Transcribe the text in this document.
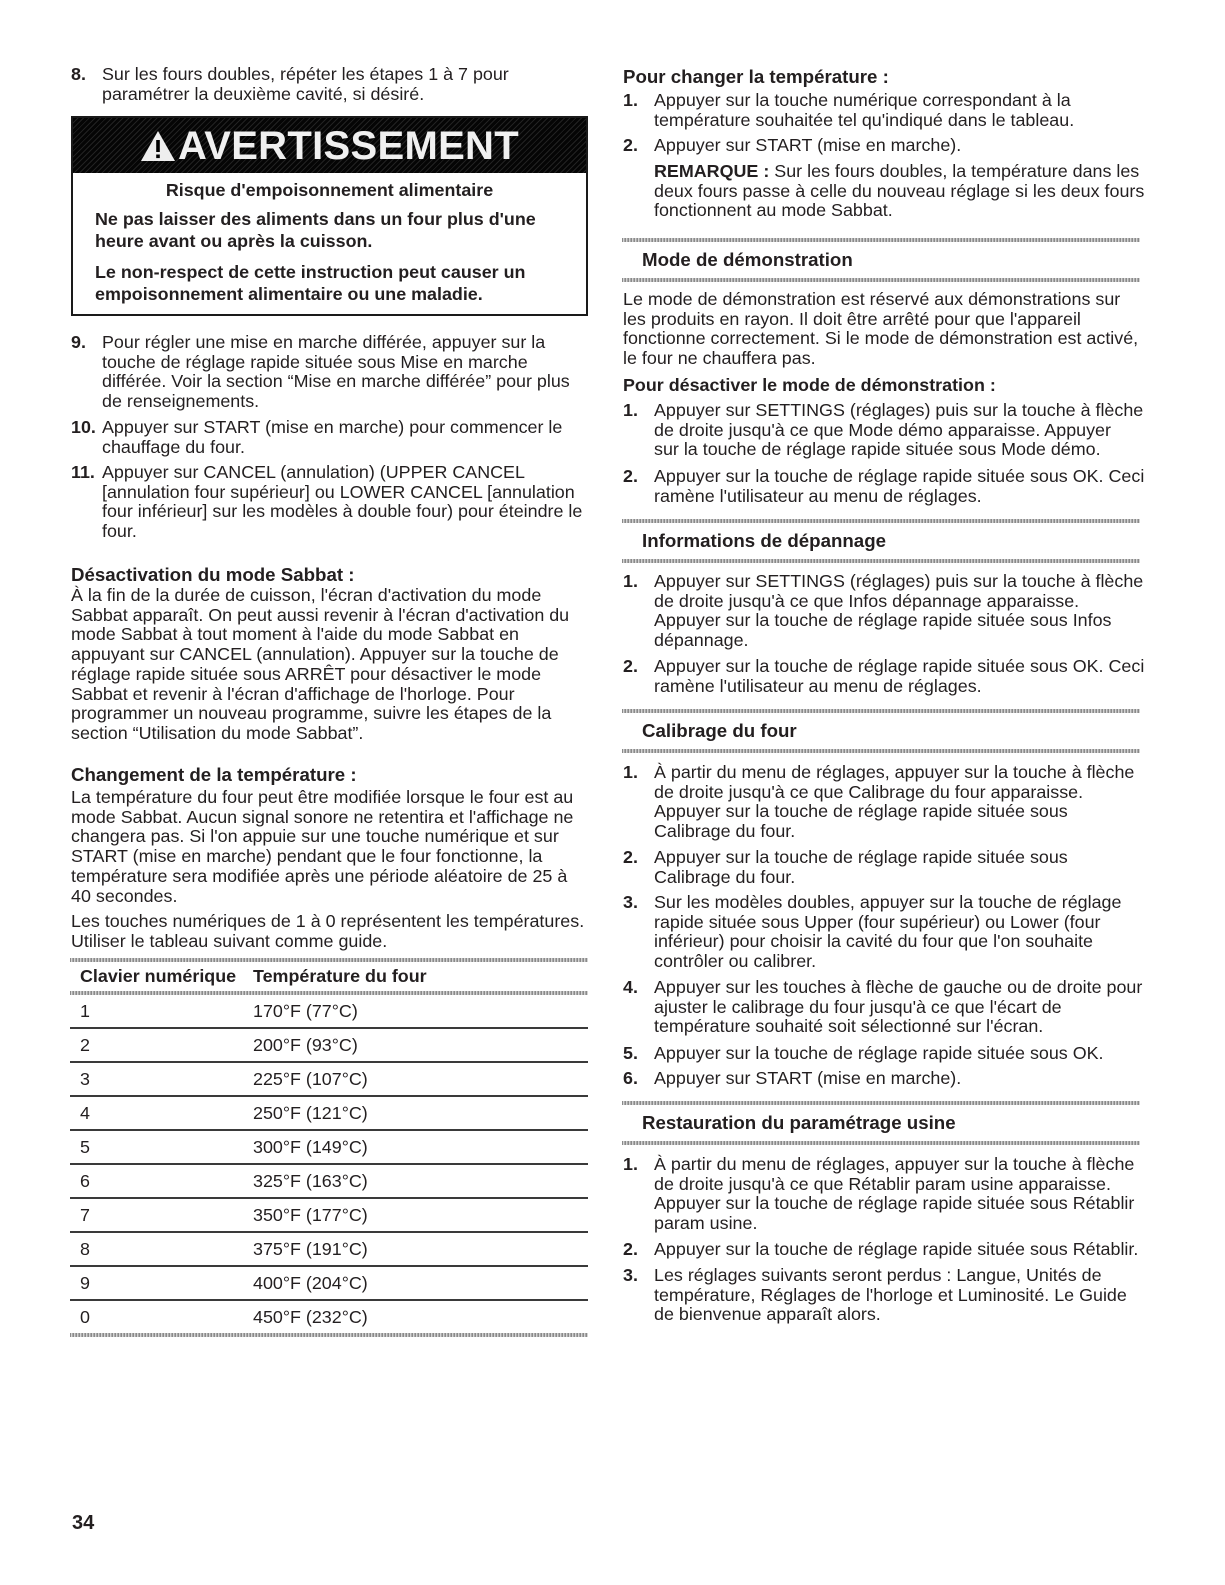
8. Sur les fours doubles, répéter les étapes 1 à 7 pour
paramétrer la deuxième cavité, si désiré.
AVERTISSEMENT
Risque d'empoisonnement alimentaire
Ne pas laisser des aliments dans un four plus d'une
heure avant ou après la cuisson.
Le non-respect de cette instruction peut causer un
empoisonnement alimentaire ou une maladie.
9. Pour régler une mise en marche différée, appuyer sur la
touche de réglage rapide située sous Mise en marche
différée. Voir la section “Mise en marche différée” pour plus
de renseignements.
10. Appuyer sur START (mise en marche) pour commencer le
chauffage du four.
11. Appuyer sur CANCEL (annulation) (UPPER CANCEL
[annulation four supérieur] ou LOWER CANCEL [annulation
four inférieur] sur les modèles à double four) pour éteindre le
four.
Désactivation du mode Sabbat :
À la fin de la durée de cuisson, l'écran d'activation du mode
Sabbat apparaît. On peut aussi revenir à l'écran d'activation du
mode Sabbat à tout moment à l'aide du mode Sabbat en
appuyant sur CANCEL (annulation). Appuyer sur la touche de
réglage rapide située sous ARRÊT pour désactiver le mode
Sabbat et revenir à l'écran d'affichage de l'horloge. Pour
programmer un nouveau programme, suivre les étapes de la
section “Utilisation du mode Sabbat”.
Changement de la température :
La température du four peut être modifiée lorsque le four est au
mode Sabbat. Aucun signal sonore ne retentira et l'affichage ne
changera pas. Si l'on appuie sur une touche numérique et sur
START (mise en marche) pendant que le four fonctionne, la
température sera modifiée après une période aléatoire de 25 à
40 secondes.
Les touches numériques de 1 à 0 représentent les températures.
Utiliser le tableau suivant comme guide.
Clavier numérique Température du four
1	170°F (77°C)
2	200°F (93°C)
3	225°F (107°C)
4	250°F (121°C)
5	300°F (149°C)
6	325°F (163°C)
7	350°F (177°C)
8	375°F (191°C)
9	400°F (204°C)
0	450°F (232°C)
Pour changer la température :
1. Appuyer sur la touche numérique correspondant à la
température souhaitée tel qu'indiqué dans le tableau.
2. Appuyer sur START (mise en marche).
REMARQUE : Sur les fours doubles, la température dans les
deux fours passe à celle du nouveau réglage si les deux fours
fonctionnent au mode Sabbat.
Mode de démonstration
Le mode de démonstration est réservé aux démonstrations sur
les produits en rayon. Il doit être arrêté pour que l'appareil
fonctionne correctement. Si le mode de démonstration est activé,
le four ne chauffera pas.
Pour désactiver le mode de démonstration :
1. Appuyer sur SETTINGS (réglages) puis sur la touche à flèche
de droite jusqu'à ce que Mode démo apparaisse. Appuyer
sur la touche de réglage rapide située sous Mode démo.
2. Appuyer sur la touche de réglage rapide située sous OK. Ceci
ramène l'utilisateur au menu de réglages.
Informations de dépannage
1. Appuyer sur SETTINGS (réglages) puis sur la touche à flèche
de droite jusqu'à ce que Infos dépannage apparaisse.
Appuyer sur la touche de réglage rapide située sous Infos
dépannage.
2. Appuyer sur la touche de réglage rapide située sous OK. Ceci
ramène l'utilisateur au menu de réglages.
Calibrage du four
1. À partir du menu de réglages, appuyer sur la touche à flèche
de droite jusqu'à ce que Calibrage du four apparaisse.
Appuyer sur la touche de réglage rapide située sous
Calibrage du four.
2. Appuyer sur la touche de réglage rapide située sous
Calibrage du four.
3. Sur les modèles doubles, appuyer sur la touche de réglage
rapide située sous Upper (four supérieur) ou Lower (four
inférieur) pour choisir la cavité du four que l'on souhaite
contrôler ou calibrer.
4. Appuyer sur les touches à flèche de gauche ou de droite pour
ajuster le calibrage du four jusqu'à ce que l'écart de
température souhaité soit sélectionné sur l'écran.
5. Appuyer sur la touche de réglage rapide située sous OK.
6. Appuyer sur START (mise en marche).
Restauration du paramétrage usine
1. À partir du menu de réglages, appuyer sur la touche à flèche
de droite jusqu'à ce que Rétablir param usine apparaisse.
Appuyer sur la touche de réglage rapide située sous Rétablir
param usine.
2. Appuyer sur la touche de réglage rapide située sous Rétablir.
3. Les réglages suivants seront perdus : Langue, Unités de
température, Réglages de l'horloge et Luminosité. Le Guide
de bienvenue apparaît alors.
34
